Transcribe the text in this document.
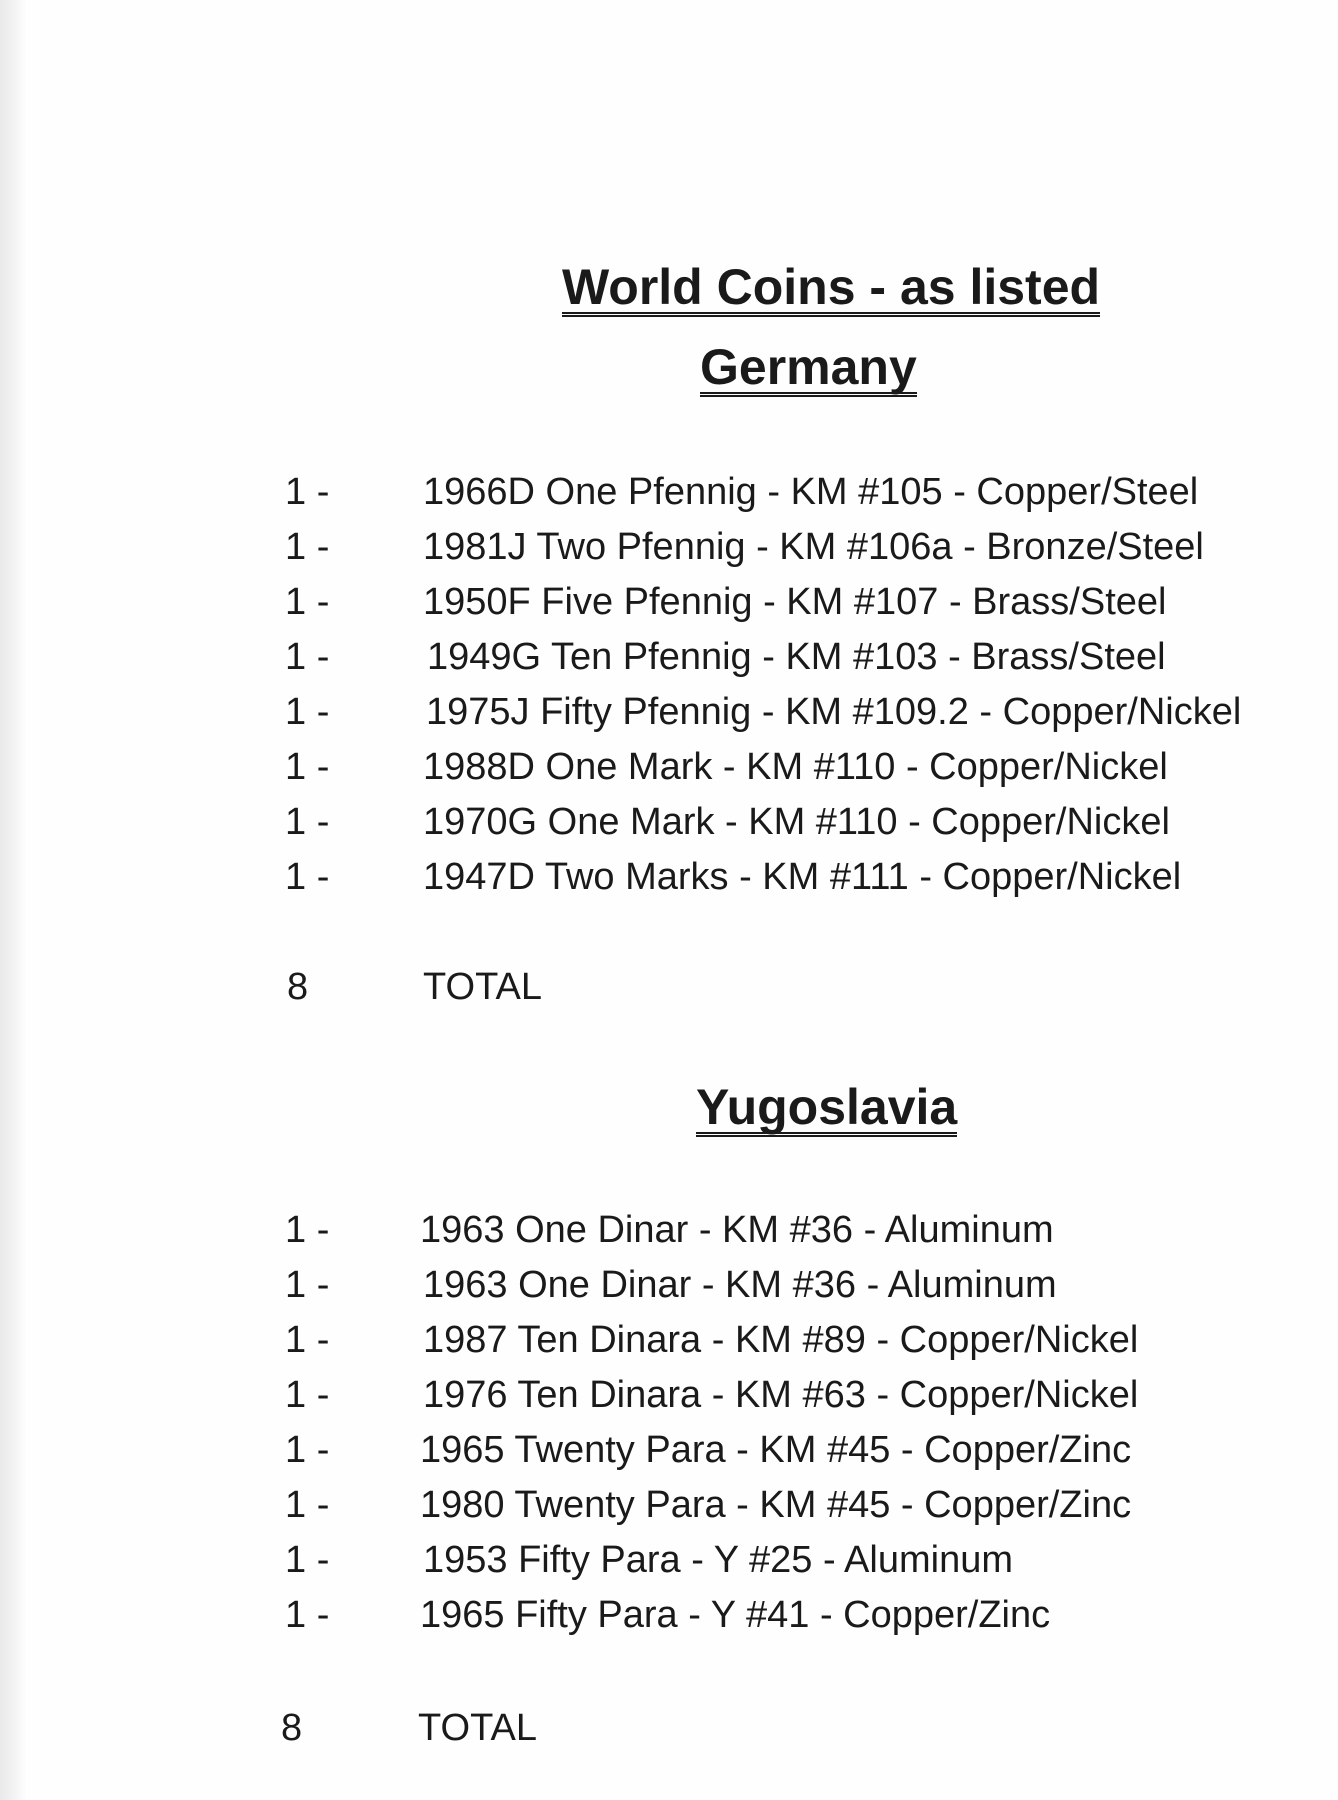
World Coins - as listed
Germany
1 - 1966D One Pfennig - KM #105 - Copper/Steel
1 - 1981J Two Pfennig - KM #106a - Bronze/Steel
1 - 1950F Five Pfennig - KM #107 - Brass/Steel
1 -	1949G Ten Pfennig - KM #103 - Brass/Steel
1 -	1975J Fifty Pfennig - KM #109.2 - Copper/Nickel
1 - 1988D One Mark - KM #110 - Copper/Nickel
1 - 1970G One Mark - KM #110 - Copper/Nickel
1 - 1947D Two Marks - KM #111 - Copper/Nickel
8	TOTAL
Yugoslavia
1 - 1963 One Dinar - KM #36 - Aluminum
1 - 1963 One Dinar - KM #36 - Aluminum
1 - 1987 Ten Dinara - KM #89 - Copper/Nickel
1 - 1976 Ten Dinara - KM #63 - Copper/Nickel
1 - 1965 Twenty Para - KM #45 - Copper/Zinc
1 - 1980 Twenty Para - KM #45 - Copper/Zinc
1 - 1953 Fifty Para - Y #25 - Aluminum
1 - 1965 Fifty Para - Y #41 - Copper/Zinc
8	TOTAL
